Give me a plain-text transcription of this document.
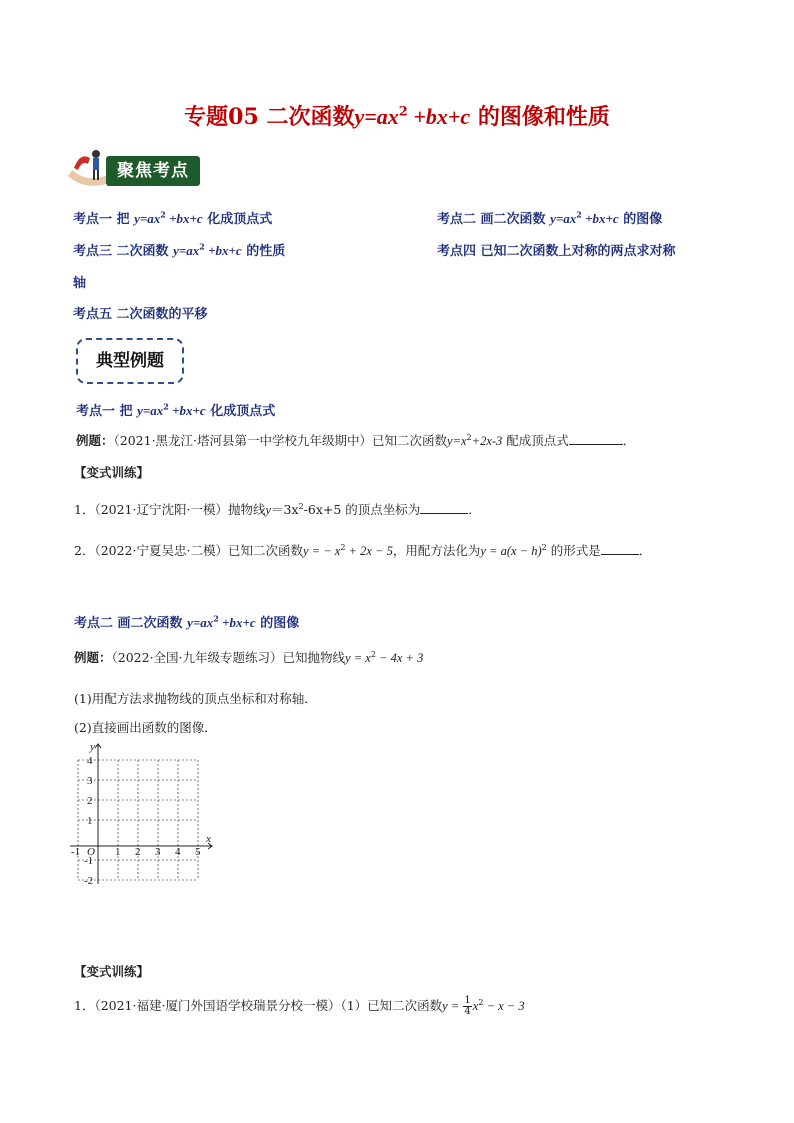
专题05 二次函数$y=ax^2 +bx+c$ 的图像和性质
聚焦考点
考点一 把 $y=ax^2 +bx+c$ 化成顶点式	考点二 画二次函数 $y=ax^2 +bx+c$ 的图像
考点三 二次函数 $y=ax^2 +bx+c$ 的性质	考点四 已知二次函数上对称的两点求对称
轴
考点五 二次函数的平移
典型例题
考点一 把 $y=ax^2 +bx+c$ 化成顶点式
例题：（2021·黑龙江·塔河县第一中学校九年级期中）已知二次函数$y=x^2+2x-3$ 配成顶点式	．
【变式训练】
1．（2021·辽宁沈阳·一模）抛物线$y=3x^2-6x+5$ 的顶点坐标为	．
2．（2022·宁夏吴忠·二模）已知二次函数y = − $x^2 + 2x - 5$，用配方法化为$y = a(x - h)^2$ 的形式是	．
考点二 画二次函数 $y=ax^2 +bx+c$ 的图像
例题：（2022·全国·九年级专题练习）已知抛物线$y = x^2 - 4x + 3$
(1)用配方法求抛物线的顶点坐标和对称轴．
(2)直接画出函数的图像．
y
x
O
-1	1 2 3 4 5
4
3
2
1
-1
-2
【变式训练】
1．（2021·福建·厦门外国语学校瑞景分校一模）（1）已知二次函数$y = \frac{1}{4} x^2 - x - 3$
